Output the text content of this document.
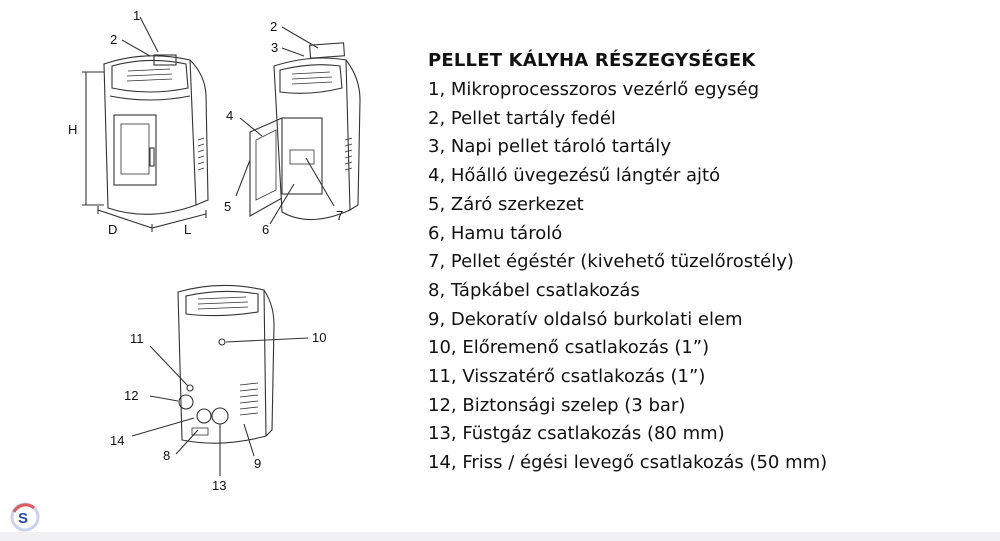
1
2
H
D	L
2
3
4
5
6
7
10
11
12
14
8
13
9
PELLET KÁLYHA RÉSZEGYSÉGEK
1, Mikroprocesszoros vezérlő egység
2, Pellet tartály fedél
3, Napi pellet tároló tartály
4, Hőálló üvegezésű lángtér ajtó
5, Záró szerkezet
6, Hamu tároló
7, Pellet égéstér (kivehető tüzelőrostély)
8, Tápkábel csatlakozás
9, Dekoratív oldalsó burkolati elem
10, Előremenő csatlakozás (1”)
11, Visszatérő csatlakozás (1”)
12, Biztonsági szelep (3 bar)
13, Füstgáz csatlakozás (80 mm)
14, Friss / égési levegő csatlakozás (50 mm)
S
